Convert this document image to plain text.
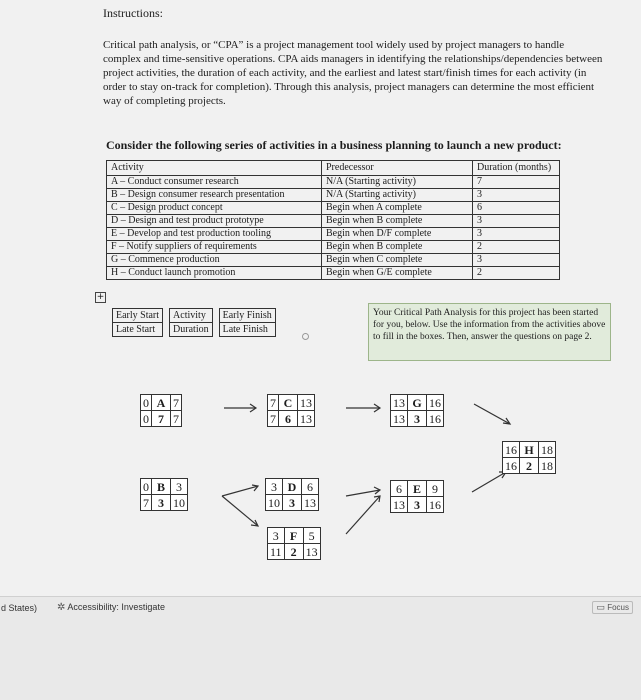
Instructions:

Critical path analysis, or “CPA” is a project management tool widely used by project managers to handle complex and time-sensitive operations. CPA aids managers in identifying the relationships/dependencies between project activities, the duration of each activity, and the earliest and latest start/finish times for each activity (in order to stay on-track for completion). Through this analysis, project managers can determine the most efficient way of completing projects.

Consider the following series of activities in a business planning to launch a new product:
Activity	Predecessor	Duration (months)
A – Conduct consumer research	N/A (Starting activity)	7
B – Design consumer research presentation	N/A (Starting activity)	3
C – Design product concept	Begin when A complete	6
D – Design and test product prototype	Begin when B complete	3
E – Develop and test production tooling	Begin when D/F complete	3
F – Notify suppliers of requirements	Begin when B complete	2
G – Commence production	Begin when C complete	3
H – Conduct launch promotion	Begin when G/E complete	2
+
Early Start		Activity		Early Finish
Late Start		Duration		Late Finish
Your Critical Path Analysis for this project has been started for you, below. Use the information from the activities above to fill in the boxes. Then, answer the questions on page 2.
0	A	7
0	7	7
7	C	13
7	6	13
13	G	16
13	3	16
16	H	18
16	2	18
0	B	3
7	3	10
3	D	6
10	3	13
6	E	9
13	3	16
3	F	5
11	2	13
d States) ✲ Accessibility: Investigate	▭ Focus
